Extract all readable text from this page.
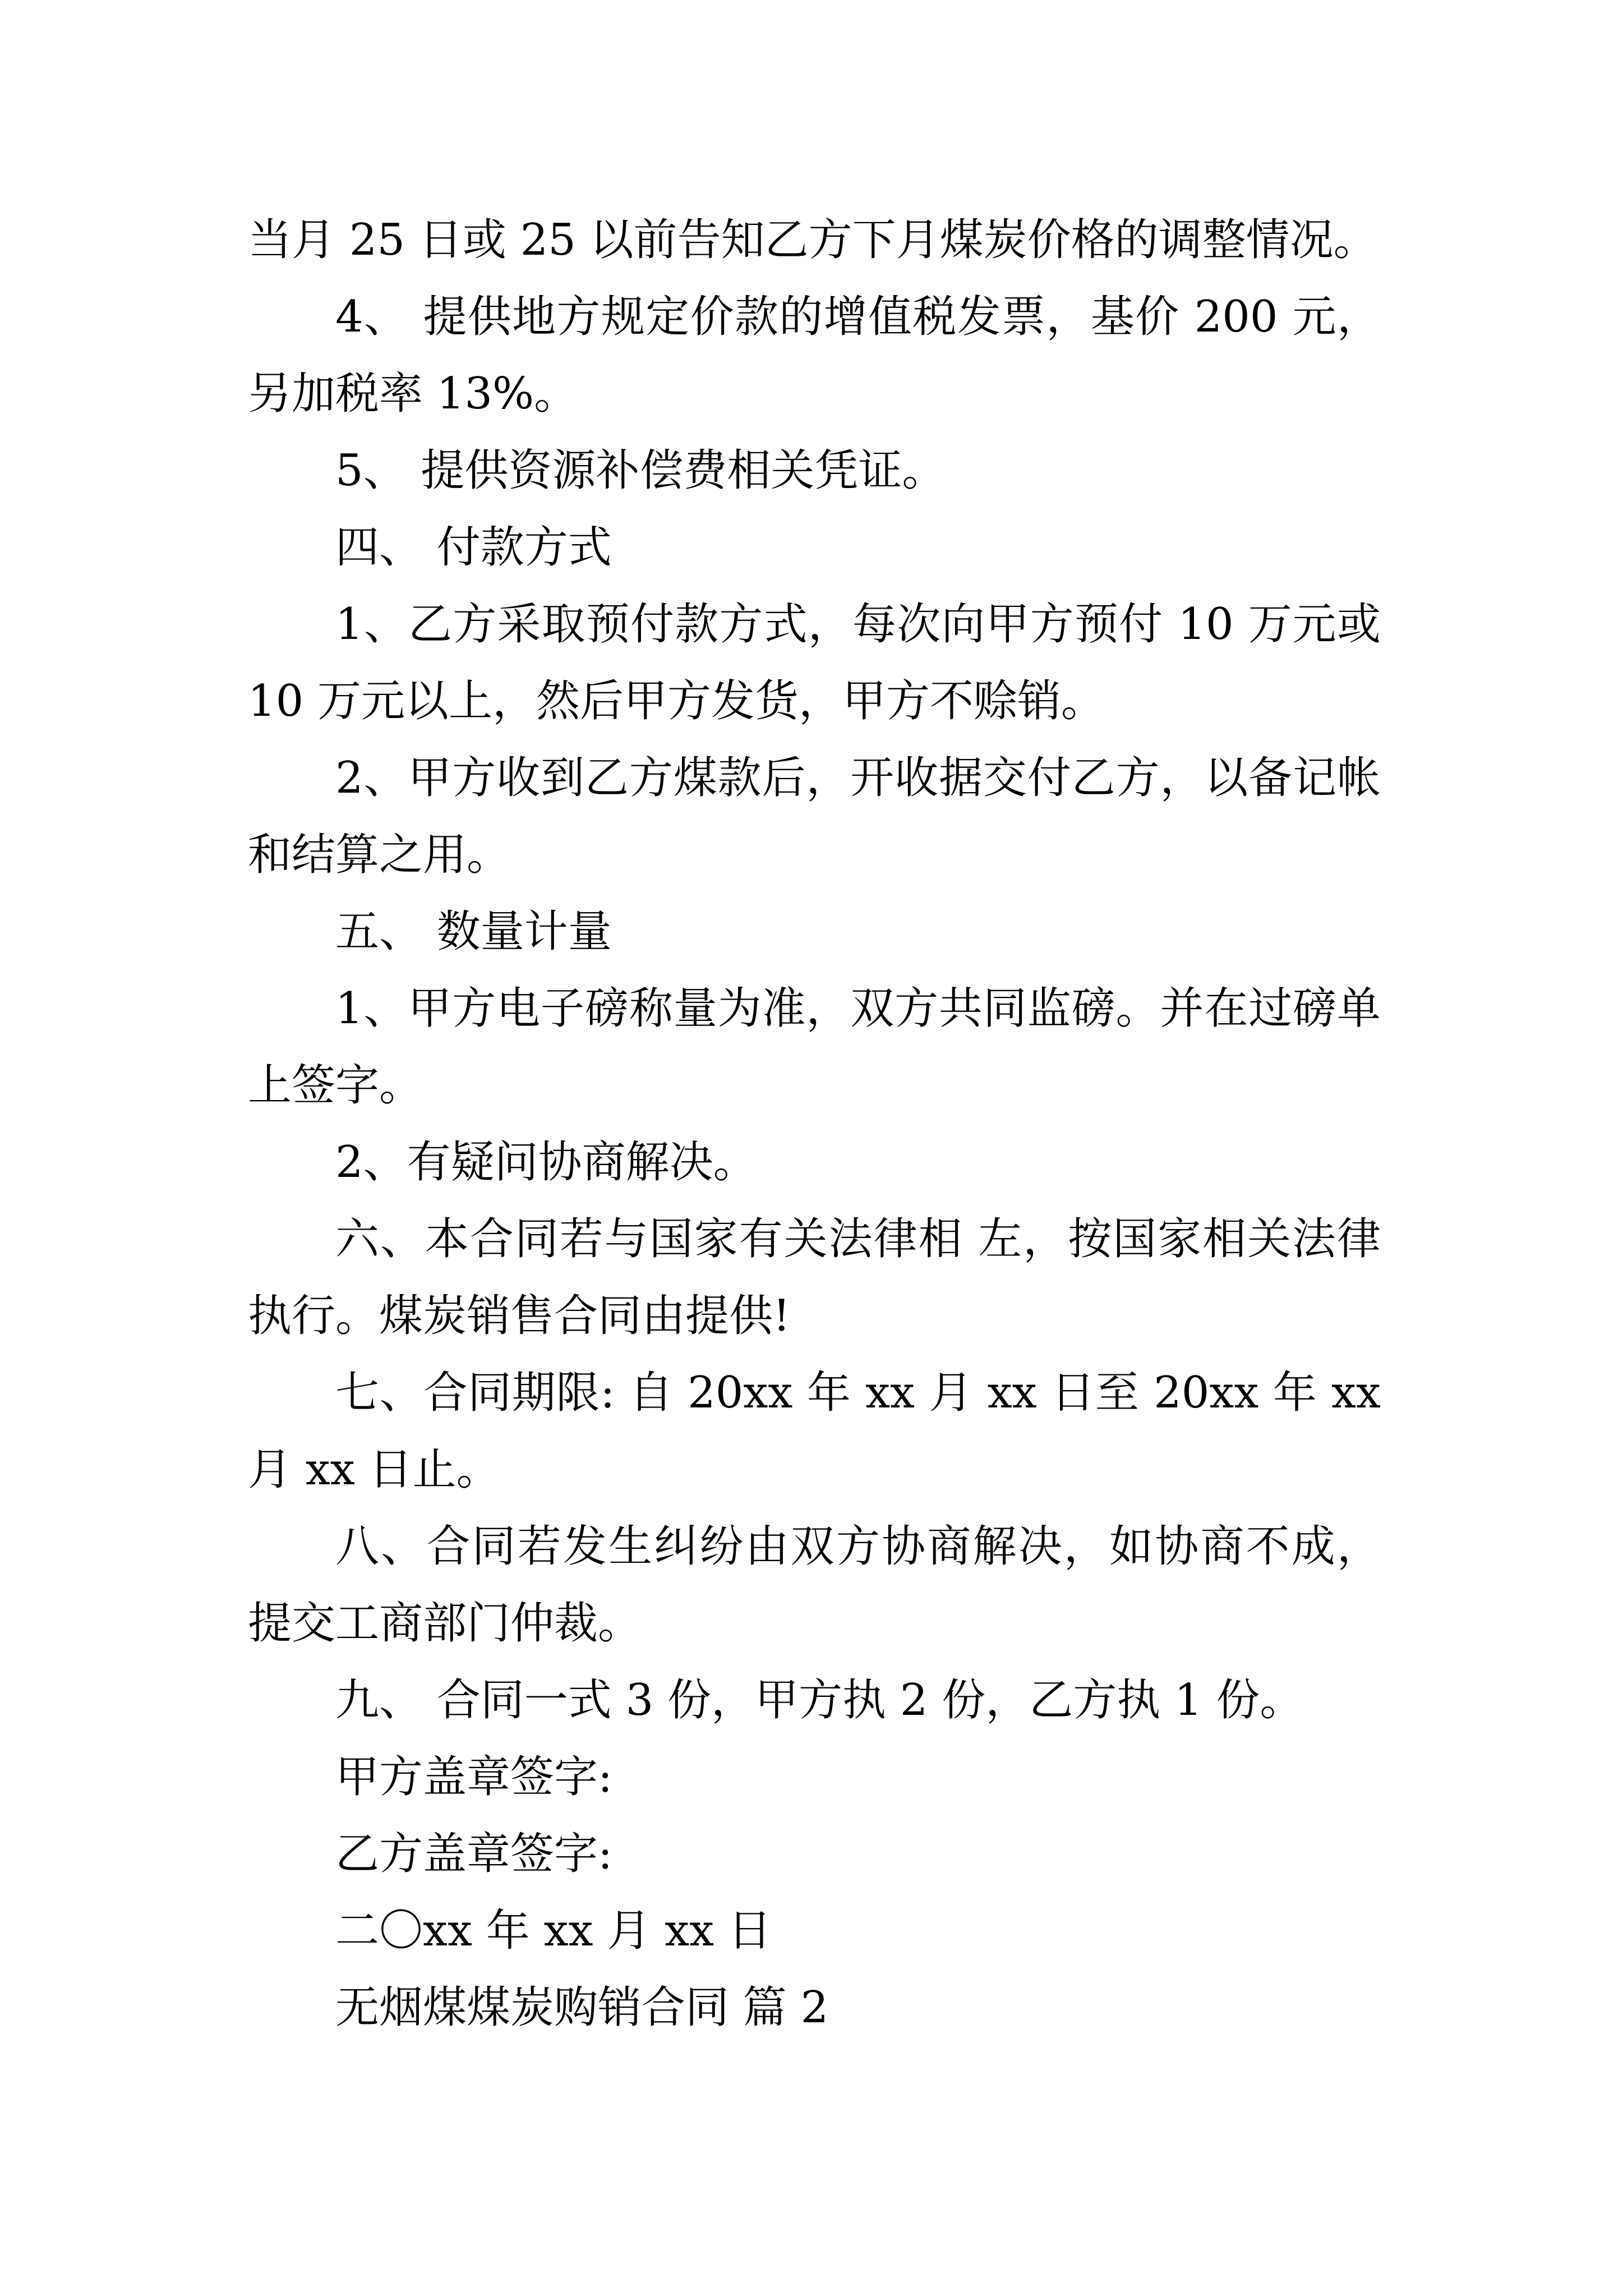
当月 25 日或 25 以前告知乙方下月煤炭价格的调整情况。

4、 提供地方规定价款的增值税发票，基价 200 元，另加税率 13%。

5、 提供资源补偿费相关凭证。

四、 付款方式

1、乙方采取预付款方式，每次向甲方预付 10 万元或 10 万元以上，然后甲方发货，甲方不赊销。

2、甲方收到乙方煤款后，开收据交付乙方，以备记帐和结算之用。

五、 数量计量

1、甲方电子磅称量为准，双方共同监磅。并在过磅单上签字。

2、有疑问协商解决。

六、本合同若与国家有关法律相 左，按国家相关法律执行。煤炭销售合同由提供!

七、合同期限: 自 20xx 年 xx 月 xx 日至 20xx 年 xx 月 xx 日止。

八、合同若发生纠纷由双方协商解决，如协商不成，提交工商部门仲裁。

九、 合同一式 3 份，甲方执 2 份，乙方执 1 份。

甲方盖章签字:

乙方盖章签字:

二〇xx 年 xx 月 xx 日

无烟煤煤炭购销合同 篇 2
